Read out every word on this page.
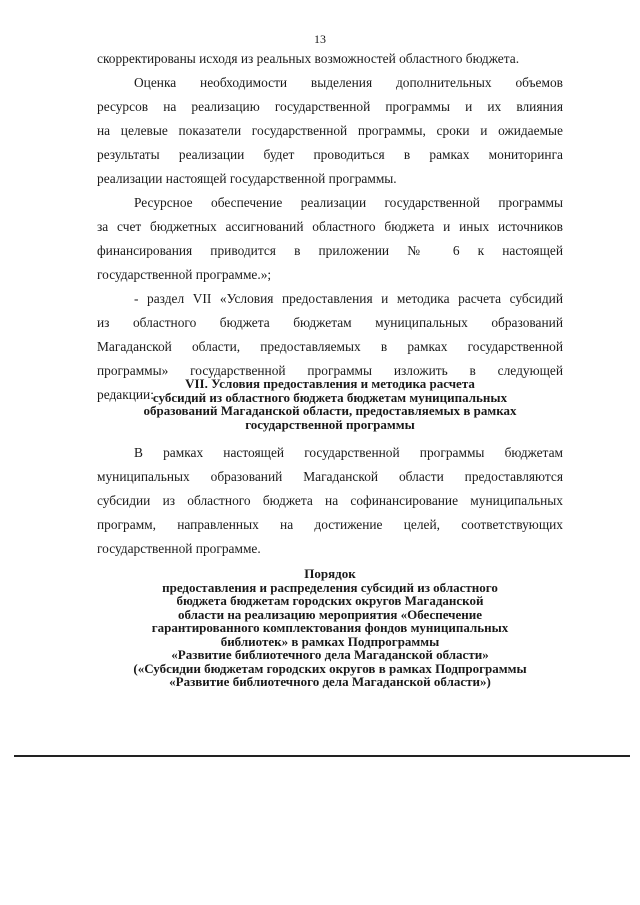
13
скорректированы исходя из реальных возможностей областного бюджета.
Оценка необходимости выделения дополнительных объемов
ресурсов на реализацию государственной программы и их влияния
на целевые показатели государственной программы, сроки и ожидаемые
результаты реализации будет проводиться в рамках мониторинга
реализации настоящей государственной программы.
Ресурсное обеспечение реализации государственной программы
за счет бюджетных ассигнований областного бюджета и иных источников
финансирования приводится в приложении № 6 к настоящей
государственной программе.»;
- раздел VII «Условия предоставления и методика расчета субсидий
из областного бюджета бюджетам муниципальных образований
Магаданской области, предоставляемых в рамках государственной
программы» государственной программы изложить в следующей
редакции:
VII. Условия предоставления и методика расчета
субсидий из областного бюджета бюджетам муниципальных
образований Магаданской области, предоставляемых в рамках
государственной программы
В рамках настоящей государственной программы бюджетам
муниципальных образований Магаданской области предоставляются
субсидии из областного бюджета на софинансирование муниципальных
программ, направленных на достижение целей, соответствующих
государственной программе.
Порядок
предоставления и распределения субсидий из областного
бюджета бюджетам городских округов Магаданской
области на реализацию мероприятия «Обеспечение
гарантированного комплектования фондов муниципальных
библиотек» в рамках Подпрограммы
«Развитие библиотечного дела Магаданской области»
(«Субсидии бюджетам городских округов в рамках Подпрограммы
«Развитие библиотечного дела Магаданской области»)
